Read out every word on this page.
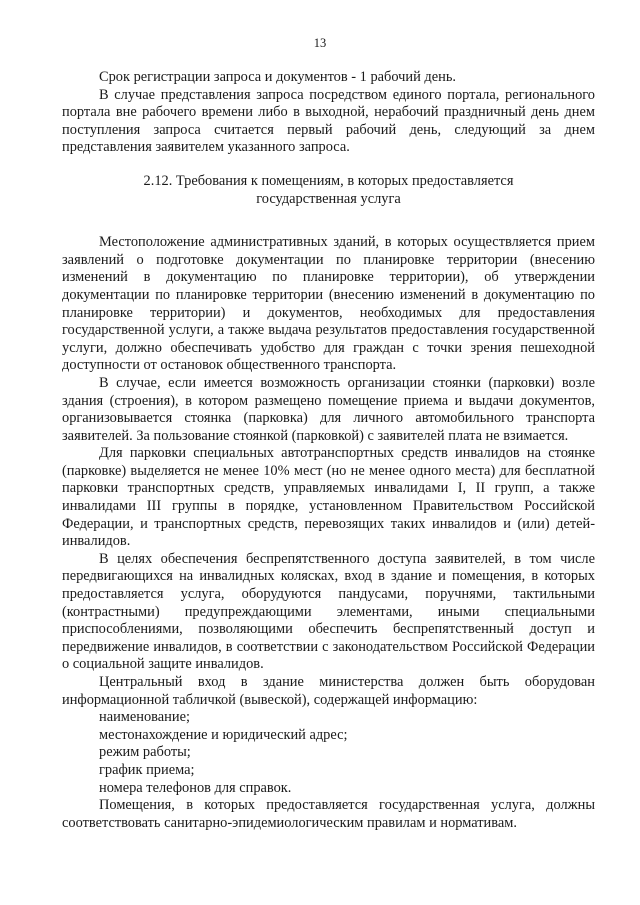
13

Срок регистрации запроса и документов - 1 рабочий день.

В случае представления запроса посредством единого портала, регионального портала вне рабочего времени либо в выходной, нерабочий праздничный день днем поступления запроса считается первый рабочий день, следующий за днем представления заявителем указанного запроса.

2.12. Требования к помещениям, в которых предоставляется
государственная услуга

Местоположение административных зданий, в которых осуществляется прием заявлений о подготовке документации по планировке территории (внесению изменений в документацию по планировке территории), об утверждении документации по планировке территории (внесению изменений в документацию по планировке территории) и документов, необходимых для предоставления государственной услуги, а также выдача результатов предоставления государственной услуги, должно обеспечивать удобство для граждан с точки зрения пешеходной доступности от остановок общественного транспорта.

В случае, если имеется возможность организации стоянки (парковки) возле здания (строения), в котором размещено помещение приема и выдачи документов, организовывается стоянка (парковка) для личного автомобильного транспорта заявителей. За пользование стоянкой (парковкой) с заявителей плата не взимается.

Для парковки специальных автотранспортных средств инвалидов на стоянке (парковке) выделяется не менее 10% мест (но не менее одного места) для бесплатной парковки транспортных средств, управляемых инвалидами I, II групп, а также инвалидами III группы в порядке, установленном Правительством Российской Федерации, и транспортных средств, перевозящих таких инвалидов и (или) детей-инвалидов.

В целях обеспечения беспрепятственного доступа заявителей, в том числе передвигающихся на инвалидных колясках, вход в здание и помещения, в которых предоставляется услуга, оборудуются пандусами, поручнями, тактильными (контрастными) предупреждающими элементами, иными специальными приспособлениями, позволяющими обеспечить беспрепятственный доступ и передвижение инвалидов, в соответствии с законодательством Российской Федерации о социальной защите инвалидов.

Центральный вход в здание министерства должен быть оборудован информационной табличкой (вывеской), содержащей информацию:

наименование;
местонахождение и юридический адрес;
режим работы;
график приема;
номера телефонов для справок.

Помещения, в которых предоставляется государственная услуга, должны соответствовать санитарно-эпидемиологическим правилам и нормативам.
